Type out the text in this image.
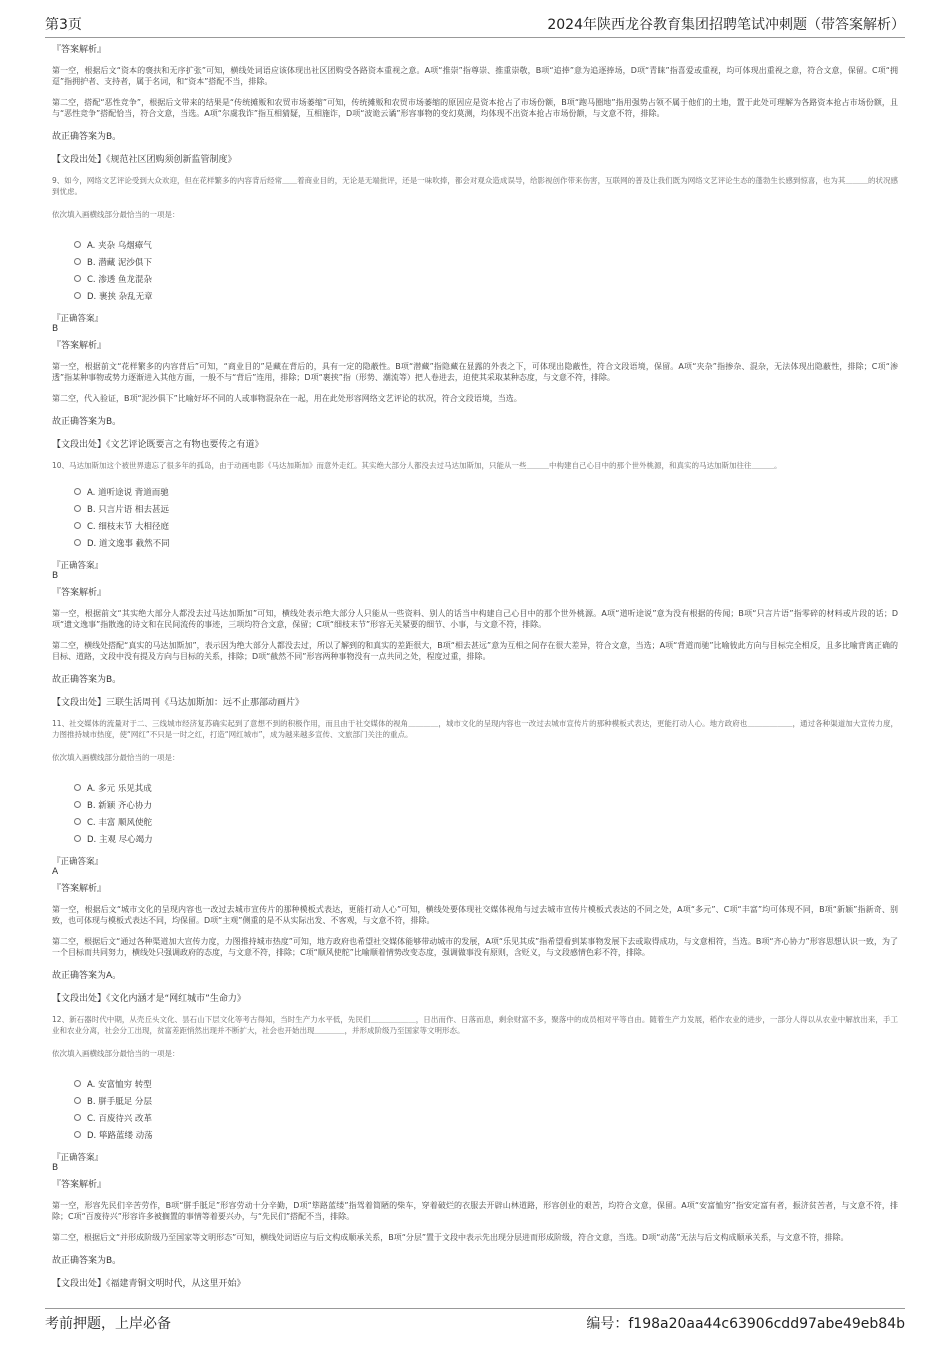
第3页	2024年陕西龙谷教育集团招聘笔试冲刺题（带答案解析）
『答案解析』
第一空，根据后文“资本的褒扶和无序扩张”可知，横线处词语应该体现出社区团购受各路资本重视之意。A项“推崇”指尊崇、推重崇敬，B项“追捧”意为追逐捧场，D项“青睐”指喜爱或重视，均可体现出重视之意，符合文意，保留。C项“拥趸”指拥护者、支持者，属于名词，和“资本”搭配不当，排除。
第二空，搭配“恶性竞争”，根据后文带来的结果是“传统摊贩和农贸市场萎缩”可知，传统摊贩和农贸市场萎缩的原因应是资本抢占了市场份额，B项“跑马圈地”指用强势占领不属于他们的土地，置于此处可理解为各路资本抢占市场份额，且与“恶性竞争”搭配恰当，符合文意，当选。A项“尔虞我诈”指互相猜疑，互相施诈，D项“波诡云谲”形容事物的变幻莫测，均体现不出资本抢占市场份额，与文意不符，排除。
故正确答案为B。
【文段出处】《规范社区团购须创新监管制度》
9、如今，网络文艺评论受到大众欢迎，但在花样繁多的内容背后经常＿＿着商业目的，无论是无端批评，还是一味吹捧，都会对观众造成误导，给影视创作带来伤害，互联网的普及让我们既为网络文艺评论生态的蓬勃生长感到惊喜，也为其＿＿＿的状况感到忧虑。
依次填入画横线部分最恰当的一项是：
A. 夹杂 乌烟瘴气
B. 潜藏 泥沙俱下
C. 渗透 鱼龙混杂
D. 裹挟 杂乱无章
『正确答案』
B
『答案解析』
第一空，根据前文“花样繁多的内容背后”可知，“商业目的”是藏在背后的，具有一定的隐蔽性。B项“潜藏”指隐藏在显露的外表之下，可体现出隐蔽性，符合文段语境，保留。A项“夹杂”指掺杂、混杂，无法体现出隐蔽性，排除；C项“渗透”指某种事物或势力逐渐进入其他方面，一般不与“背后”连用，排除；D项“裹挟”指（形势、潮流等）把人卷进去，迫使其采取某种态度，与文意不符，排除。
第二空，代入验证，B项“泥沙俱下”比喻好坏不同的人或事物混杂在一起，用在此处形容网络文艺评论的状况，符合文段语境，当选。
故正确答案为B。
【文段出处】《文艺评论既要言之有物也要传之有道》
10、马达加斯加这个被世界遗忘了很多年的孤岛，由于动画电影《马达加斯加》而意外走红。其实绝大部分人都没去过马达加斯加，只能从一些＿＿＿中构建自己心目中的那个世外桃源，和真实的马达加斯加往往＿＿＿。
A. 道听途说 背道而驰
B. 只言片语 相去甚远
C. 细枝末节 大相径庭
D. 道文逸事 截然不同
『正确答案』
B
『答案解析』
第一空，根据前文“其实绝大部分人都没去过马达加斯加”可知，横线处表示绝大部分人只能从一些资料、别人的话当中构建自己心目中的那个世外桃源。A项“道听途说”意为没有根据的传闻；B项“只言片语”指零碎的材料或片段的话；D项“遗文逸事”指散逸的诗文和在民间流传的事迹，三项均符合文意，保留；C项“细枝末节”形容无关紧要的细节、小事，与文意不符，排除。
第二空，横线处搭配“真实的马达加斯加”，表示因为绝大部分人都没去过，所以了解到的和真实的差距很大，B项“相去甚远”意为互相之间存在很大差异，符合文意，当选；A项“背道而驰”比喻彼此方向与目标完全相反，且多比喻背离正确的目标、道路，文段中没有提及方向与目标的关系，排除；D项“截然不同”形容两种事物没有一点共同之处，程度过重，排除。
故正确答案为B。
【文段出处】三联生活周刊《马达加斯加：远不止那部动画片》
11、社交媒体的流量对于二、三线城市经济复苏确实起到了意想不到的积极作用，而且由于社交媒体的视角＿＿＿＿，城市文化的呈现内容也一改过去城市宣传片的那种模板式表达，更能打动人心。地方政府也＿＿＿＿＿＿，通过各种渠道加大宣传力度，力图推持城市热度，使“网红”不只是一时之红，打造“网红城市”，成为越来越多宣传、文旅部门关注的重点。
依次填入画横线部分最恰当的一项是：
A. 多元 乐见其成
B. 新颖 齐心协力
C. 丰富 顺风使舵
D. 主观 尽心竭力
『正确答案』
A
『答案解析』
第一空，根据后文“城市文化的呈现内容也一改过去城市宣传片的那种模板式表达，更能打动人心”可知，横线处要体现社交媒体视角与过去城市宣传片模板式表达的不同之处，A项“多元”、C项“丰富”均可体现不同，B项“新颖”指新奇、别致，也可体现与模板式表达不同，均保留。D项“主观”侧重的是不从实际出发、不客观，与文意不符，排除。
第二空，根据后文“通过各种渠道加大宣传力度，力图推持城市热度”可知，地方政府也希望社交媒体能够带动城市的发展，A项“乐见其成”指希望看到某事物发展下去或取得成功，与文意相符，当选。B项“齐心协力”形容思想认识一致，为了一个目标而共同努力，横线处只强调政府的态度，与文意不符，排除；C项“顺风使舵”比喻顺着情势改变态度，强调做事没有原则，含贬义，与文段感情色彩不符，排除。
故正确答案为A。
【文段出处】《文化内涵才是“网红城市”生命力》
12、新石器时代中期，从壳丘头文化、昙石山下层文化等考古得知，当时生产力水平低，先民们＿＿＿＿＿＿，日出而作、日落而息，剩余财富不多，聚落中的成员相对平等自由。随着生产力发展，稻作农业的进步，一部分人得以从农业中解放出来，手工业和农业分离，社会分工出现，贫富差距悄然出现并不断扩大，社会也开始出现＿＿＿＿，并形成阶级乃至国家等文明形态。
依次填入画横线部分最恰当的一项是：
A. 安富恤穷 转型
B. 胼手胝足 分层
C. 百废待兴 改革
D. 筚路蓝缕 动荡
『正确答案』
B
『答案解析』
第一空，形容先民们辛苦劳作，B项“胼手胝足”形容劳动十分辛勤，D项“筚路蓝缕”指驾着简陋的柴车，穿着破烂的衣服去开辟山林道路，形容创业的艰苦，均符合文意，保留。A项“安富恤穷”指安定富有者，振济贫苦者，与文意不符，排除；C项“百废待兴”形容许多被搁置的事情等着要兴办，与“先民们”搭配不当，排除。
第二空，根据后文“并形成阶级乃至国家等文明形态”可知，横线处词语应与后文构成顺承关系，B项“分层”置于文段中表示先出现分层进而形成阶级，符合文意，当选。D项“动荡”无法与后文构成顺承关系，与文意不符，排除。
故正确答案为B。
【文段出处】《福建青铜文明时代，从这里开始》
考前押题，上岸必备	编号：f198a20aa44c63906cdd97abe49eb84b
